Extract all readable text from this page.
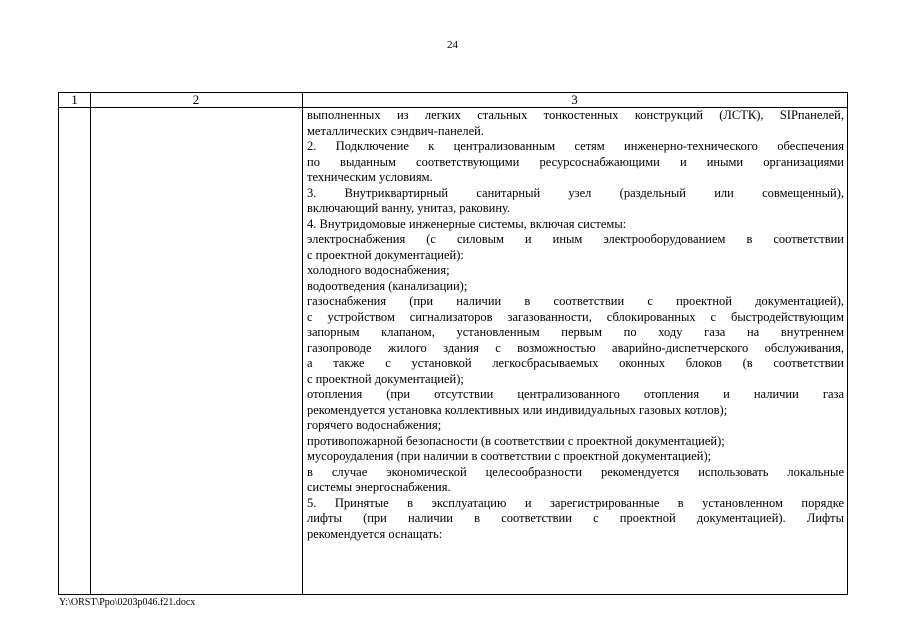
24
1	2	3
выполненных из легких стальных тонкостенных конструкций (ЛСТК), SIPпанелей,
металлических сэндвич-панелей.
2. Подключение к централизованным сетям инженерно-технического обеспечения
по выданным соответствующими ресурсоснабжающими и иными организациями
техническим условиям.
3. Внутриквартирный санитарный узел (раздельный или совмещенный),
включающий ванну, унитаз, раковину.
4. Внутридомовые инженерные системы, включая системы:
электроснабжения (с силовым и иным электрооборудованием в соответствии
с проектной документацией):
холодного водоснабжения;
водоотведения (канализации);
газоснабжения (при наличии в соответствии с проектной документацией),
с устройством сигнализаторов загазованности, сблокированных с быстродействующим
запорным клапаном, установленным первым по ходу газа на внутреннем
газопроводе жилого здания с возможностью аварийно-диспетчерского обслуживания,
а также с установкой легкосбрасываемых оконных блоков (в соответствии
с проектной документацией);
отопления (при отсутствии централизованного отопления и наличии газа
рекомендуется установка коллективных или индивидуальных газовых котлов);
горячего водоснабжения;
противопожарной безопасности (в соответствии с проектной документацией);
мусороудаления (при наличии в соответствии с проектной документацией);
в случае экономической целесообразности рекомендуется использовать локальные
системы энергоснабжения.
5. Принятые в эксплуатацию и зарегистрированные в установленном порядке
лифты (при наличии в соответствии с проектной документацией). Лифты
рекомендуется оснащать:
Y:\ORST\Ppo\0203p046.f21.docx
